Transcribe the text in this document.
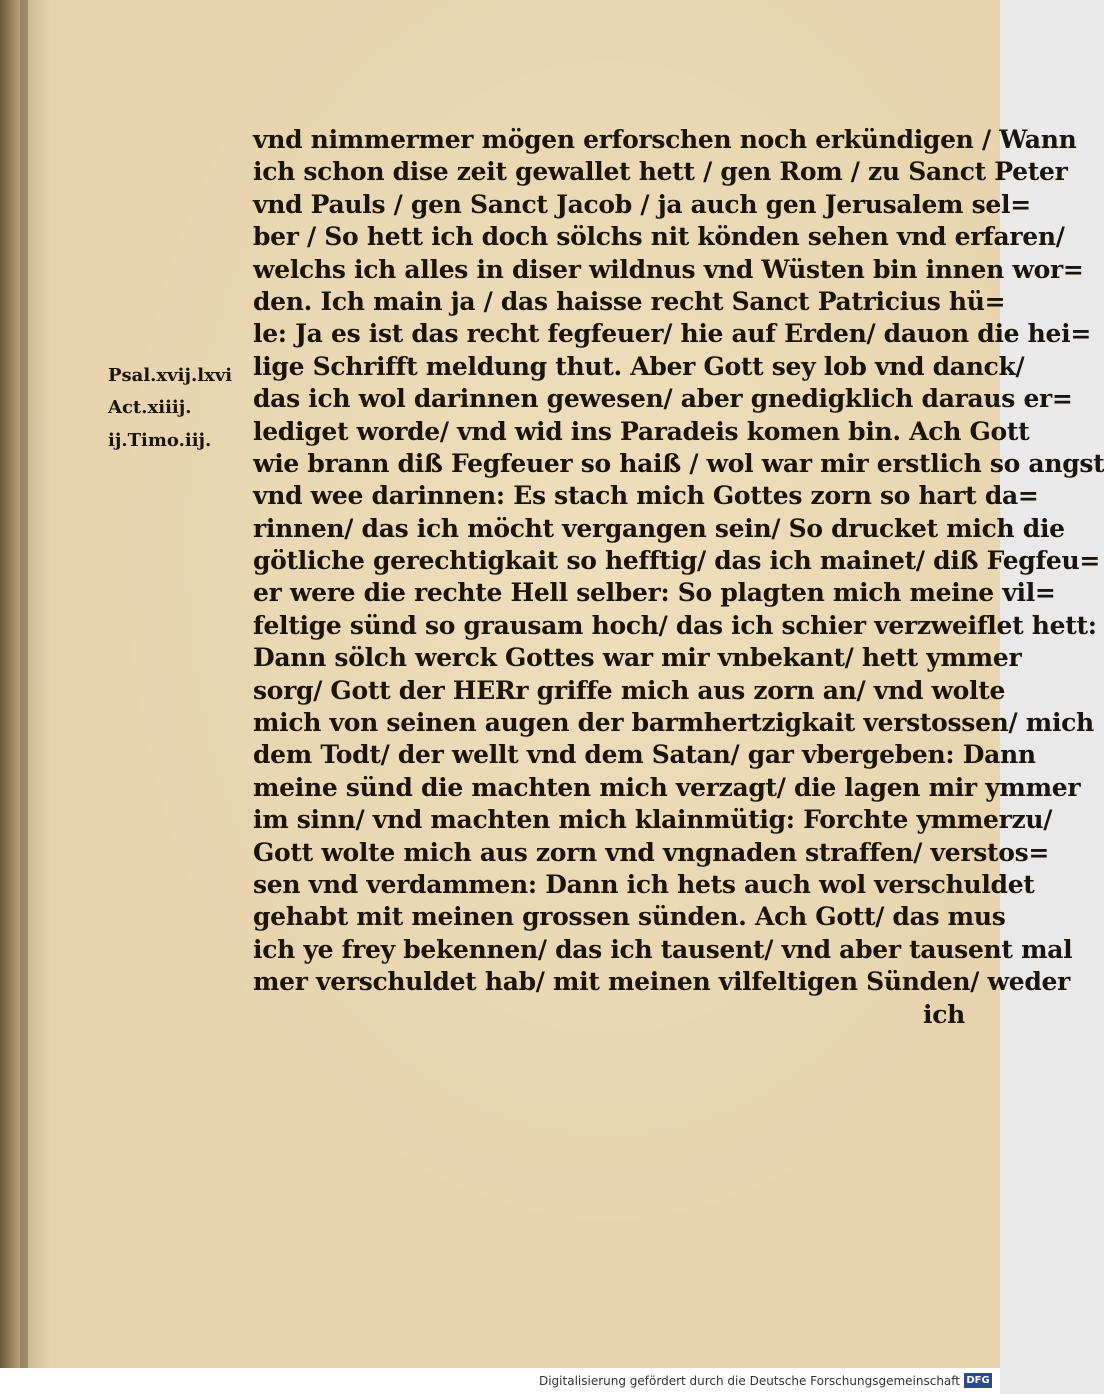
Psal.xvij.lxvi
Act.xiiij.
ij.Timo.iij.
vnd nimmermer mögen erforschen noch erkündigen / Wann
ich schon dise zeit gewallet hett / gen Rom / zu Sanct Peter
vnd Pauls / gen Sanct Jacob / ja auch gen Jerusalem sel=
ber / So hett ich doch sölchs nit könden sehen vnd erfaren/
welchs ich alles in diser wildnus vnd Wüsten bin innen wor=
den. Ich main ja / das haisse recht Sanct Patricius hü=
le: Ja es ist das recht fegfeuer/ hie auf Erden/ dauon die hei=
lige Schrifft meldung thut. Aber Gott sey lob vnd danck/
das ich wol darinnen gewesen/ aber gnedigklich daraus er=
lediget worde/ vnd wid ins Paradeis komen bin. Ach Gott
wie brann diß Fegfeuer so haiß / wol war mir erstlich so angst
vnd wee darinnen: Es stach mich Gottes zorn so hart da=
rinnen/ das ich möcht vergangen sein/ So drucket mich die
götliche gerechtigkait so hefftig/ das ich mainet/ diß Fegfeu=
er were die rechte Hell selber: So plagten mich meine vil=
feltige sünd so grausam hoch/ das ich schier verzweiflet hett:
Dann sölch werck Gottes war mir vnbekant/ hett ymmer
sorg/ Gott der HERr griffe mich aus zorn an/ vnd wolte
mich von seinen augen der barmhertzigkait verstossen/ mich
dem Todt/ der wellt vnd dem Satan/ gar vbergeben: Dann
meine sünd die machten mich verzagt/ die lagen mir ymmer
im sinn/ vnd machten mich klainmütig: Forchte ymmerzu/
Gott wolte mich aus zorn vnd vngnaden straffen/ verstos=
sen vnd verdammen: Dann ich hets auch wol verschuldet
gehabt mit meinen grossen sünden. Ach Gott/ das mus
ich ye frey bekennen/ das ich tausent/ vnd aber tausent mal
mer verschuldet hab/ mit meinen vilfeltigen Sünden/ weder
ich
Digitalisierung gefördert durch die Deutsche Forschungsgemeinschaft DFG
